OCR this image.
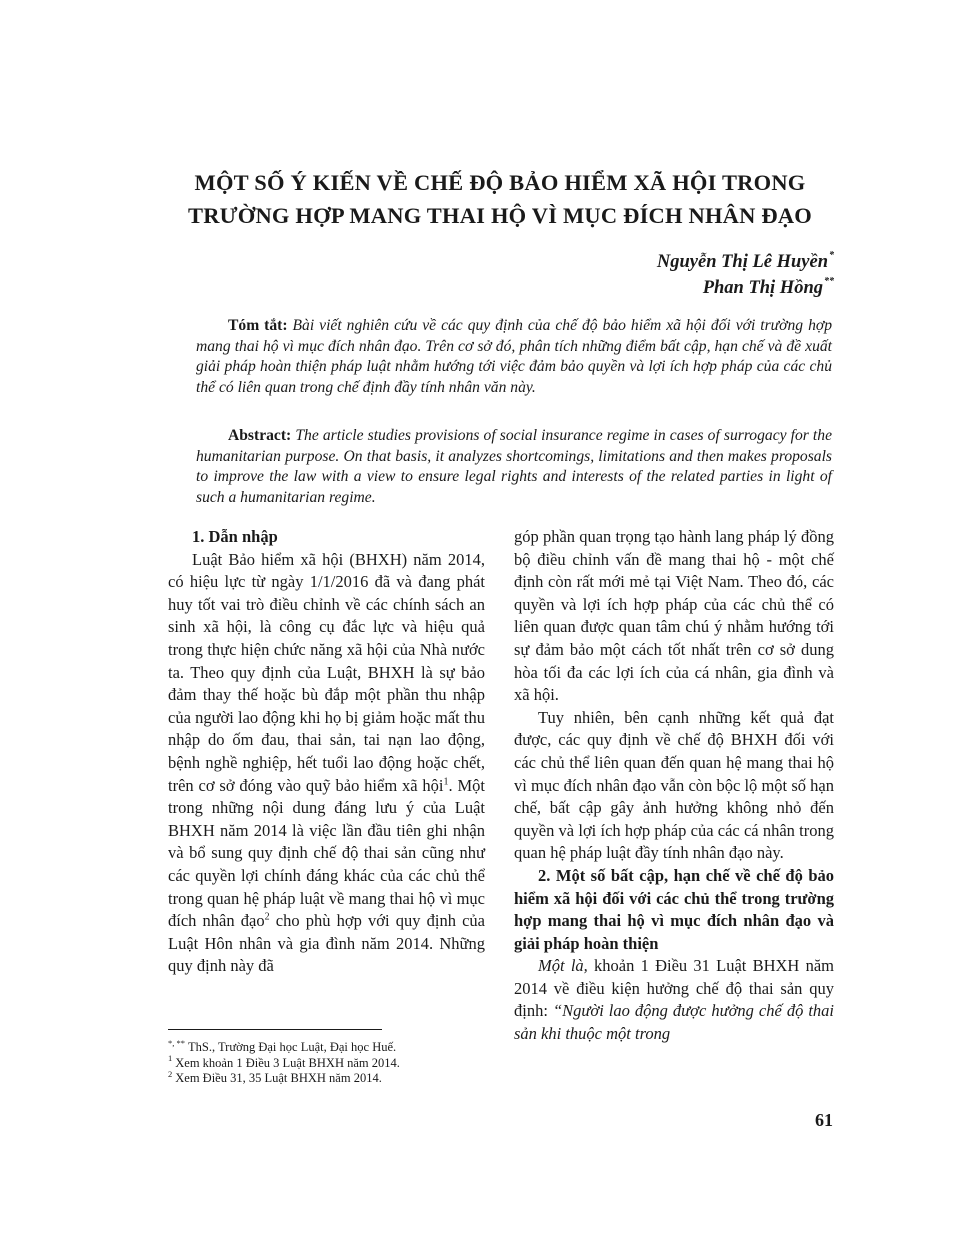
MỘT SỐ Ý KIẾN VỀ CHẾ ĐỘ BẢO HIỂM XÃ HỘI TRONG
TRƯỜNG HỢP MANG THAI HỘ VÌ MỤC ĐÍCH NHÂN ĐẠO
Nguyễn Thị Lê Huyền*
Phan Thị Hồng**

Tóm tắt: Bài viết nghiên cứu về các quy định của chế độ bảo hiểm xã hội đối với trường hợp mang thai hộ vì mục đích nhân đạo. Trên cơ sở đó, phân tích những điểm bất cập, hạn chế và đề xuất giải pháp hoàn thiện pháp luật nhằm hướng tới việc đảm bảo quyền và lợi ích hợp pháp của các chủ thể có liên quan trong chế định đầy tính nhân văn này.

Abstract: The article studies provisions of social insurance regime in cases of surrogacy for the humanitarian purpose. On that basis, it analyzes shortcomings, limitations and then makes proposals to improve the law with a view to ensure legal rights and interests of the related parties in light of such a humanitarian regime.

1. Dẫn nhập

Luật Bảo hiểm xã hội (BHXH) năm 2014, có hiệu lực từ ngày 1/1/2016 đã và đang phát huy tốt vai trò điều chỉnh về các chính sách an sinh xã hội, là công cụ đắc lực và hiệu quả trong thực hiện chức năng xã hội của Nhà nước ta. Theo quy định của Luật, BHXH là sự bảo đảm thay thế hoặc bù đắp một phần thu nhập của người lao động khi họ bị giảm hoặc mất thu nhập do ốm đau, thai sản, tai nạn lao động, bệnh nghề nghiệp, hết tuổi lao động hoặc chết, trên cơ sở đóng vào quỹ bảo hiểm xã hội$^1$. Một trong những nội dung đáng lưu ý của Luật BHXH năm 2014 là việc lần đầu tiên ghi nhận và bổ sung quy định chế độ thai sản cũng như các quyền lợi chính đáng khác của các chủ thể trong quan hệ pháp luật về mang thai hộ vì mục đích nhân đạo$^2$ cho phù hợp với quy định của Luật Hôn nhân và gia đình năm 2014. Những quy định này đã

góp phần quan trọng tạo hành lang pháp lý đồng bộ điều chỉnh vấn đề mang thai hộ - một chế định còn rất mới mẻ tại Việt Nam. Theo đó, các quyền và lợi ích hợp pháp của các chủ thể có liên quan được quan tâm chú ý nhằm hướng tới sự đảm bảo một cách tốt nhất trên cơ sở dung hòa tối đa các lợi ích của cá nhân, gia đình và xã hội.

Tuy nhiên, bên cạnh những kết quả đạt được, các quy định về chế độ BHXH đối với các chủ thể liên quan đến quan hệ mang thai hộ vì mục đích nhân đạo vẫn còn bộc lộ một số hạn chế, bất cập gây ảnh hưởng không nhỏ đến quyền và lợi ích hợp pháp của các cá nhân trong quan hệ pháp luật đầy tính nhân đạo này.

2. Một số bất cập, hạn chế về chế độ bảo hiểm xã hội đối với các chủ thể trong trường hợp mang thai hộ vì mục đích nhân đạo và giải pháp hoàn thiện

Một là, khoản 1 Điều 31 Luật BHXH năm 2014 về điều kiện hưởng chế độ thai sản quy định: “Người lao động được hưởng chế độ thai sản khi thuộc một trong

*, ** ThS., Trường Đại học Luật, Đại học Huế.
$^1$ Xem khoản 1 Điều 3 Luật BHXH năm 2014.
$^2$ Xem Điều 31, 35 Luật BHXH năm 2014.
61
